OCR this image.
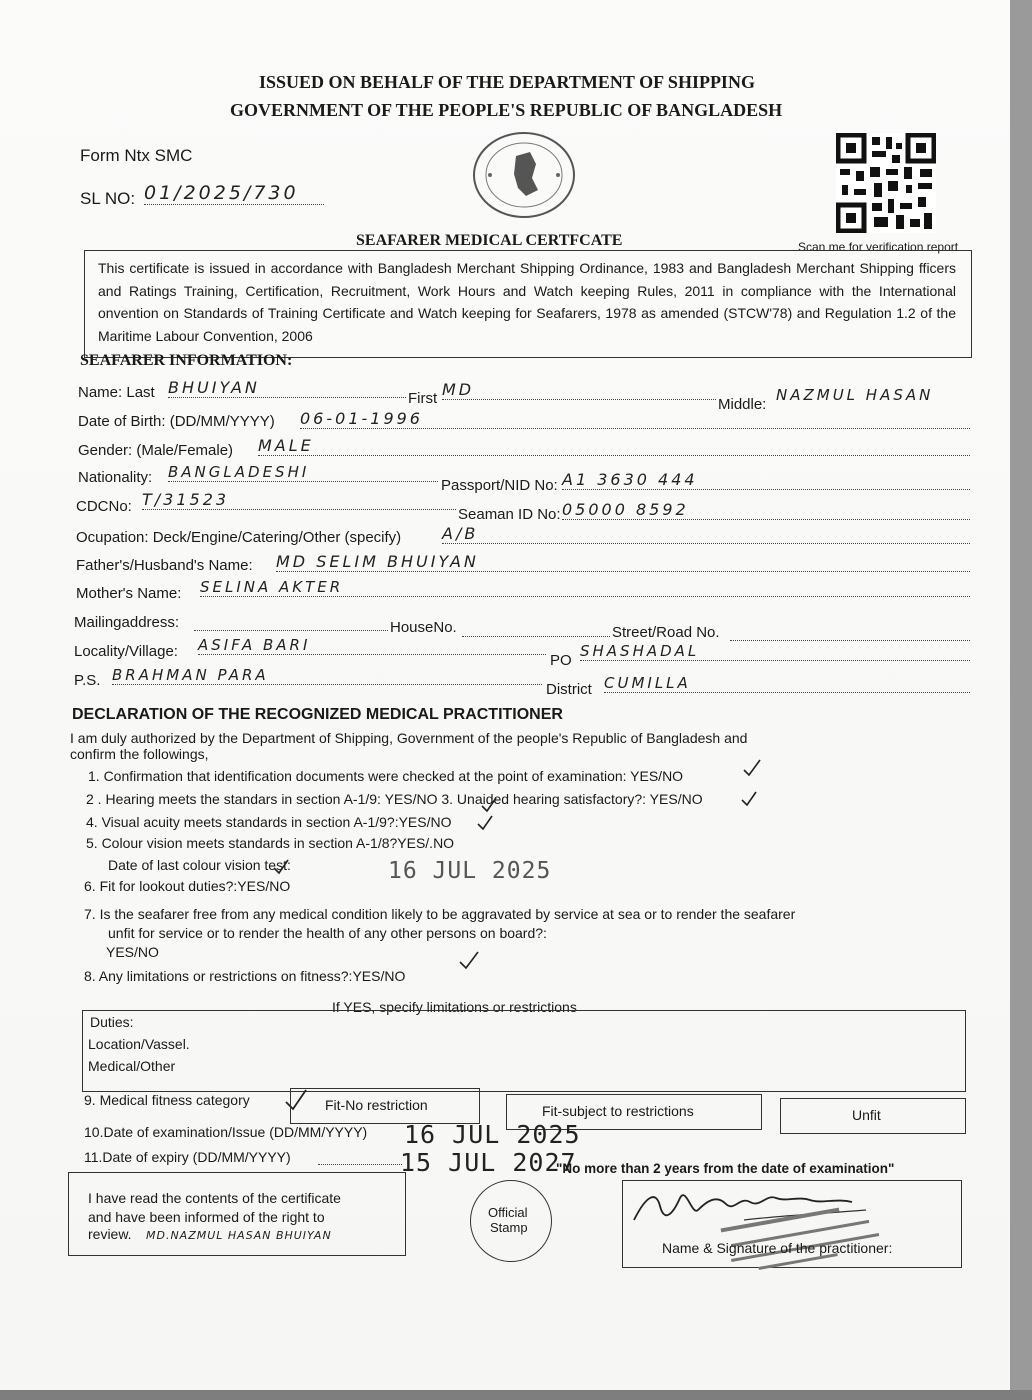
ISSUED ON BEHALF OF THE DEPARTMENT OF SHIPPING
GOVERNMENT OF THE PEOPLE'S REPUBLIC OF BANGLADESH
Form Ntx SMC
SL NO: 01/2025/730
Scan me for verification report
SEAFARER MEDICAL CERTFCATE
This certificate is issued in accordance with Bangladesh Merchant Shipping Ordinance, 1983 and Bangladesh Merchant Shipping fficers and Ratings Training, Certification, Recruitment, Work Hours and Watch keeping Rules, 2011 in compliance with the International onvention on Standards of Training Certificate and Watch keeping for Seafarers, 1978 as amended (STCW'78) and Regulation 1.2 of the Maritime Labour Convention, 2006
SEAFARER INFORMATION:
Name: Last BHUIYAN
First MD
Middle:
NAZMUL HASAN
Date of Birth: (DD/MM/YYYY) 06-01-1996
Gender: (Male/Female) MALE
Nationality: BANGLADESHI
Passport/NID No: A1 3630 444
CDCNo: T/31523
Seaman ID No: 05000 8592
Ocupation: Deck/Engine/Catering/Other (specify)	A/B
Father's/Husband's Name: MD SELIM BHUIYAN
Mother's Name: SELINA AKTER
Mailingaddress:	HouseNo.	Street/Road No.
Locality/Village: ASIFA BARI
PO
SHASHADAL
P.S. BRAHMAN PARA
District CUMILLA
DECLARATION OF THE RECOGNIZED MEDICAL PRACTITIONER
I am duly authorized by the Department of Shipping, Government of the people's Republic of Bangladesh and
confirm the followings,
1. Confirmation that identification documents were checked at the point of examination: YES/NO
2 . Hearing meets the standars in section A-1/9: YES/NO 3. Unaided hearing satisfactory?: YES/NO
4. Visual acuity meets standards in section A-1/9?:YES/NO
5. Colour vision meets standards in section A-1/8?YES/.NO
Date of last colour vision test:	16 JUL 2025
6. Fit for lookout duties?:YES/NO
7. Is the seafarer free from any medical condition likely to be aggravated by service at sea or to render the seafarer
unfit for service or to render the health of any other persons on board?:
YES/NO
8. Any limitations or restrictions on fitness?:YES/NO
If YES, specify limitations or restrictions
Duties:
Location/Vassel.
Medical/Other
9. Medical fitness category	Fit-No restriction	Fit-subject to restrictions	Unfit
10.Date of examination/Issue (DD/MM/YYYY) 16 JUL 2025
11.Date of expiry (DD/MM/YYYY)	15 JUL 2027
"No more than 2 years from the date of examination"
I have read the contents of the certificate
and have been informed of the right to
review. MD.NAZMUL HASAN BHUIYAN
Official
Stamp
Name & Signature of the practitioner:
